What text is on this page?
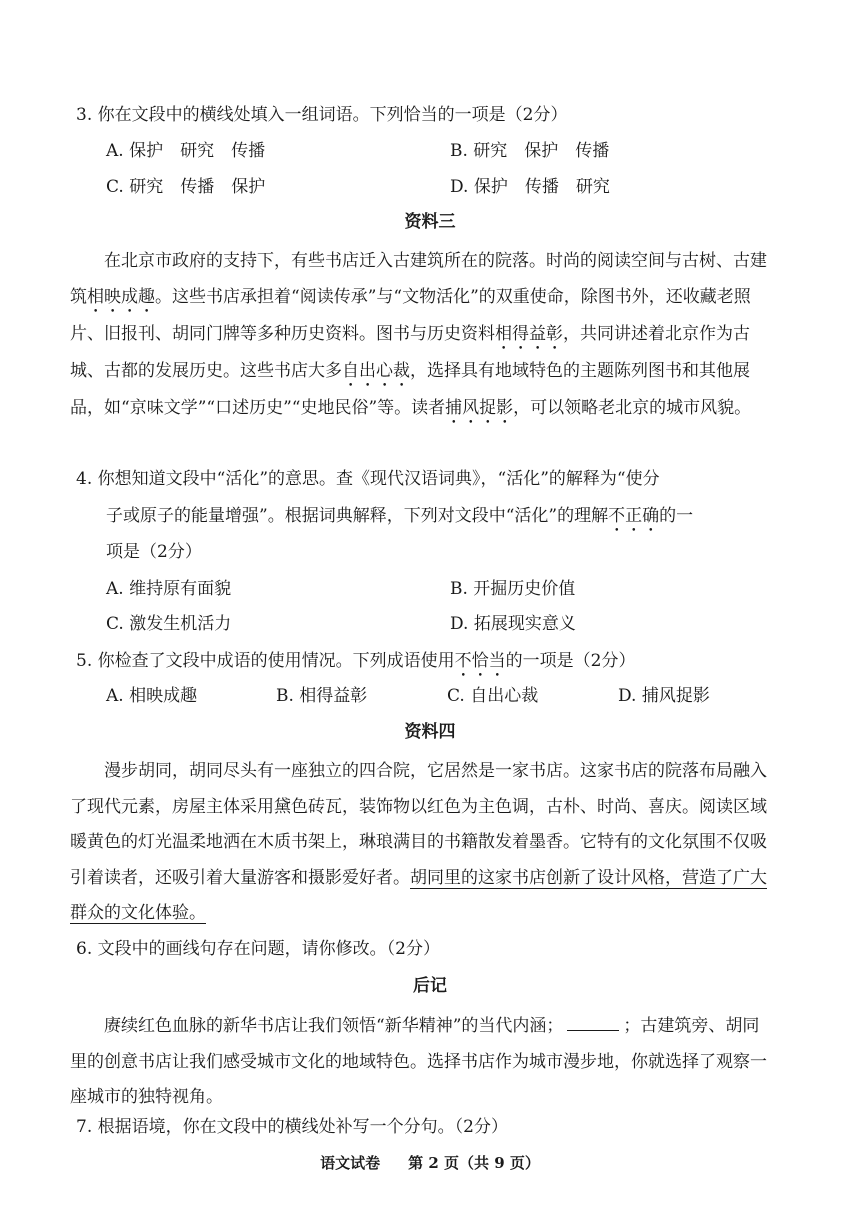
3. 你在文段中的横线处填入一组词语。下列恰当的一项是（2分）
A. 保护　研究　传播	B. 研究　保护　传播
C. 研究　传播　保护	D. 保护　传播　研究
资料三
在北京市政府的支持下，有些书店迁入古建筑所在的院落。时尚的阅读空间与古树、古建筑相映成趣。这些书店承担着“阅读传承”与“文物活化”的双重使命，除图书外，还收藏老照片、旧报刊、胡同门牌等多种历史资料。图书与历史资料相得益彰，共同讲述着北京作为古城、古都的发展历史。这些书店大多自出心裁，选择具有地域特色的主题陈列图书和其他展品，如“京味文学”“口述历史”“史地民俗”等。读者捕风捉影，可以领略老北京的城市风貌。
4. 你想知道文段中“活化”的意思。查《现代汉语词典》，“活化”的解释为“使分
子或原子的能量增强”。根据词典解释，下列对文段中“活化”的理解不正确的一
项是（2分）
A. 维持原有面貌	B. 开掘历史价值
C. 激发生机活力	D. 拓展现实意义
5. 你检查了文段中成语的使用情况。下列成语使用不恰当的一项是（2分）
A. 相映成趣	B. 相得益彰	C. 自出心裁	D. 捕风捉影
资料四
漫步胡同，胡同尽头有一座独立的四合院，它居然是一家书店。这家书店的院落布局融入了现代元素，房屋主体采用黛色砖瓦，装饰物以红色为主色调，古朴、时尚、喜庆。阅读区域暖黄色的灯光温柔地洒在木质书架上，琳琅满目的书籍散发着墨香。它特有的文化氛围不仅吸引着读者，还吸引着大量游客和摄影爱好者。胡同里的这家书店创新了设计风格，营造了广大群众的文化体验。
6. 文段中的画线句存在问题，请你修改。（2分）
后记
赓续红色血脉的新华书店让我们领悟“新华精神”的当代内涵；	；古建筑旁、胡同里的创意书店让我们感受城市文化的地域特色。选择书店作为城市漫步地，你就选择了观察一座城市的独特视角。
7. 根据语境，你在文段中的横线处补写一个分句。（2分）
语文试卷 第 2 页（共 9 页）
